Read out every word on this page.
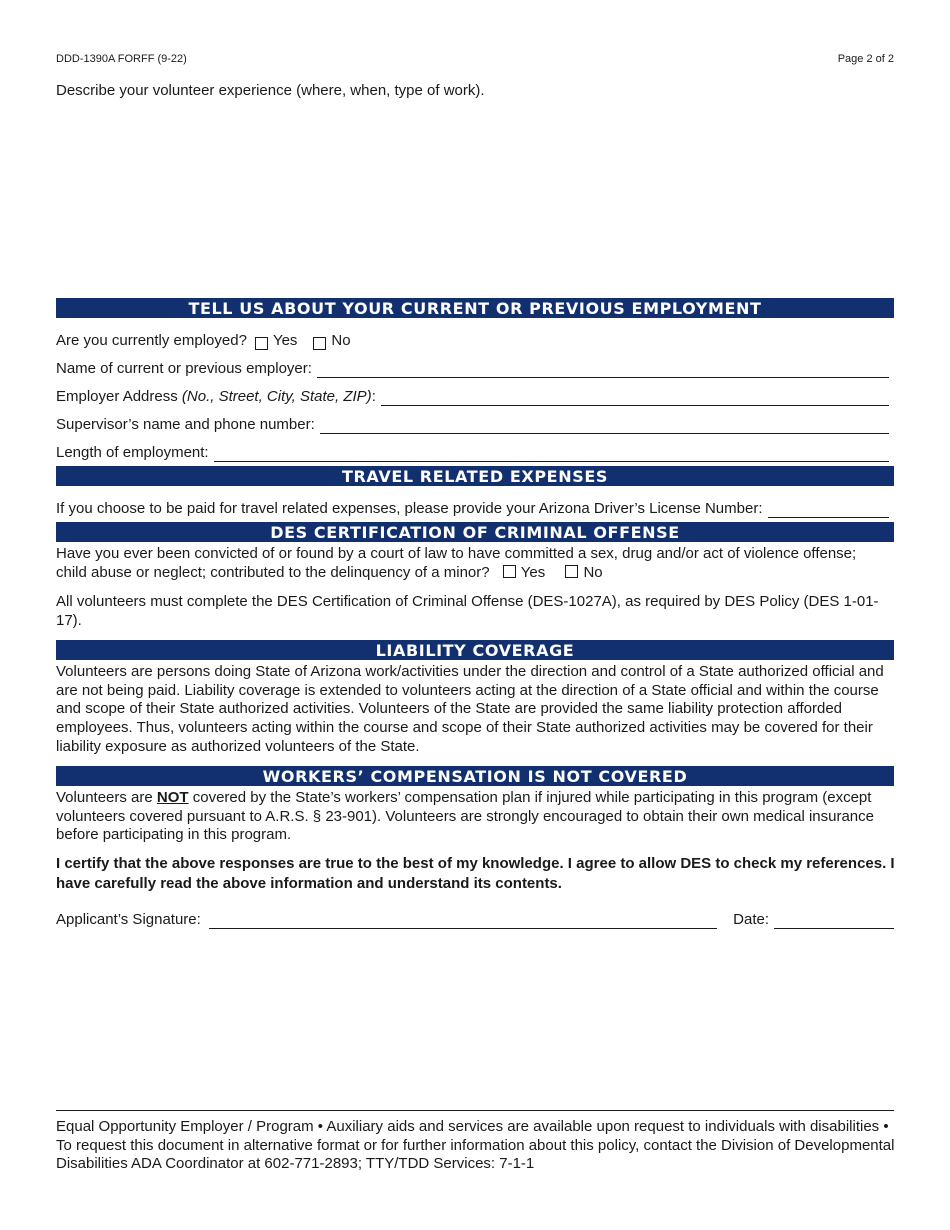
DDD-1390A FORFF (9-22)	Page 2 of 2
Describe your volunteer experience (where, when, type of work).
TELL US ABOUT YOUR CURRENT OR PREVIOUS EMPLOYMENT
Are you currently employed? Yes No
Name of current or previous employer:
Employer Address
(No., Street, City, State, ZIP) :
Supervisor’s name and phone number:
Length of employment:
TRAVEL RELATED EXPENSES
If you choose to be paid for travel related expenses, please provide your Arizona Driver’s License Number:
DES CERTIFICATION OF CRIMINAL OFFENSE
Have you ever been convicted of or found by a court of law to have committed a sex, drug and/or act of violence offense;
child abuse or neglect; contributed to the delinquency of a minor? Yes	No
All volunteers must complete the DES Certification of Criminal Offense (DES-1027A), as required by DES Policy (DES 1-01-17).
LIABILITY COVERAGE
Volunteers are persons doing State of Arizona work/activities under the direction and control of a State authorized official and are not being paid. Liability coverage is extended to volunteers acting at the direction of a State official and within the course and scope of their State authorized activities. Volunteers of the State are provided the same liability protection afforded employees. Thus, volunteers acting within the course and scope of their State authorized activities may be covered for their liability exposure as authorized volunteers of the State.
WORKERS’ COMPENSATION IS NOT COVERED
Volunteers are NOT covered by the State’s workers’ compensation plan if injured while participating in this program (except volunteers covered pursuant to A.R.S. § 23-901). Volunteers are strongly encouraged to obtain their own medical insurance before participating in this program.
I certify that the above responses are true to the best of my knowledge. I agree to allow DES to check my references. I have carefully read the above information and understand its contents.
Applicant’s Signature:	Date:
Equal Opportunity Employer / Program • Auxiliary aids and services are available upon request to individuals with disabilities • To request this document in alternative format or for further information about this policy, contact the Division of Developmental Disabilities ADA Coordinator at 602-771-2893; TTY/TDD Services: 7-1-1
